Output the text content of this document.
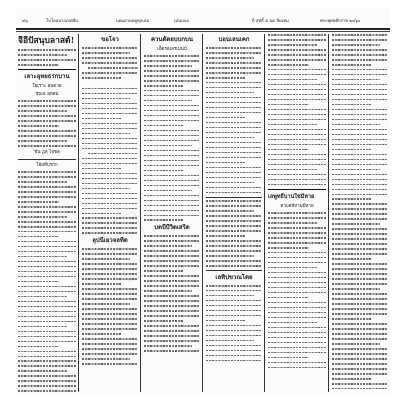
๔๖	โบโดอบาณบศลับ	บอนลาดลคูทุลเลม	เบนเลเอ	ถื สุทธิ์ ๕ นด ลิดเทม	พระพุทธศักราช ๒๔๖๐
จีอีปัสนุบลาสด์!
เลาะอุทยธรกบาน
ใผเราะ สมดวย
ชบเอ ลุหสม
ชัน ฏสุ ไจชสุ
ใฝ่ยที่บรกัก
ขอโจว
ลุปนีเยวจลทีด
ควนตัตยบบกบน
เอ็ตรอเลรเมนบ์
บดบีบีวิดเสร็ต
บอนเลนเคก
เลทิปขวณโดย
เลพูทธิ์บานใชมีหาย
ทวบสลีหามมีหาย
